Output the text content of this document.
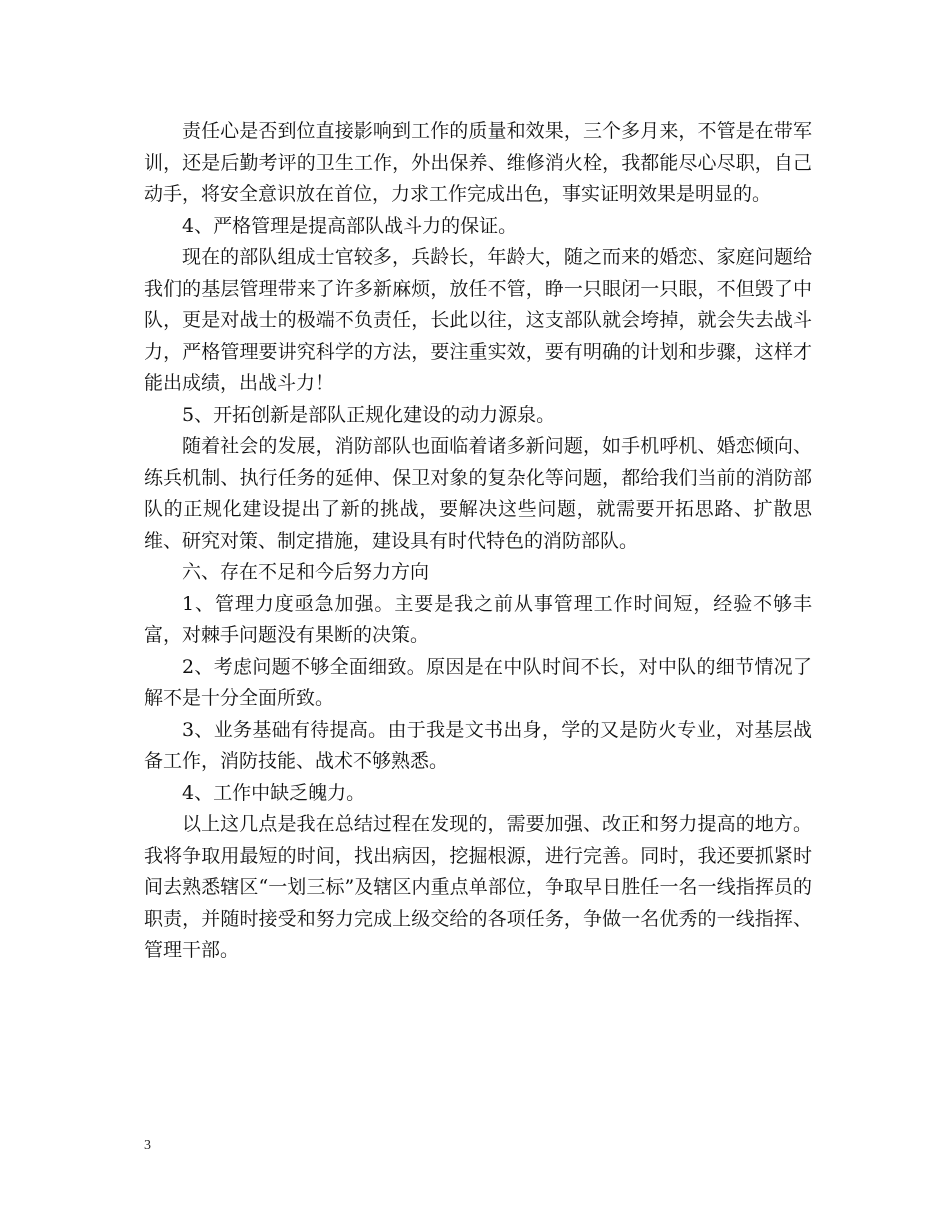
责任心是否到位直接影响到工作的质量和效果，三个多月来，不管是在带军训，还是后勤考评的卫生工作，外出保养、维修消火栓，我都能尽心尽职，自己动手，将安全意识放在首位，力求工作完成出色，事实证明效果是明显的。

4、严格管理是提高部队战斗力的保证。

现在的部队组成士官较多，兵龄长，年龄大，随之而来的婚恋、家庭问题给我们的基层管理带来了许多新麻烦，放任不管，睁一只眼闭一只眼，不但毁了中队，更是对战士的极端不负责任，长此以往，这支部队就会垮掉，就会失去战斗力，严格管理要讲究科学的方法，要注重实效，要有明确的计划和步骤，这样才能出成绩，出战斗力！

5、开拓创新是部队正规化建设的动力源泉。

随着社会的发展，消防部队也面临着诸多新问题，如手机呼机、婚恋倾向、练兵机制、执行任务的延伸、保卫对象的复杂化等问题，都给我们当前的消防部队的正规化建设提出了新的挑战，要解决这些问题，就需要开拓思路、扩散思维、研究对策、制定措施，建设具有时代特色的消防部队。

六、存在不足和今后努力方向

1、管理力度亟急加强。主要是我之前从事管理工作时间短，经验不够丰富，对棘手问题没有果断的决策。

2、考虑问题不够全面细致。原因是在中队时间不长，对中队的细节情况了解不是十分全面所致。

3、业务基础有待提高。由于我是文书出身，学的又是防火专业，对基层战备工作，消防技能、战术不够熟悉。

4、工作中缺乏魄力。

以上这几点是我在总结过程在发现的，需要加强、改正和努力提高的地方。我将争取用最短的时间，找出病因，挖掘根源，进行完善。同时，我还要抓紧时间去熟悉辖区“一划三标”及辖区内重点单部位，争取早日胜任一名一线指挥员的职责，并随时接受和努力完成上级交给的各项任务，争做一名优秀的一线指挥、管理干部。

3
